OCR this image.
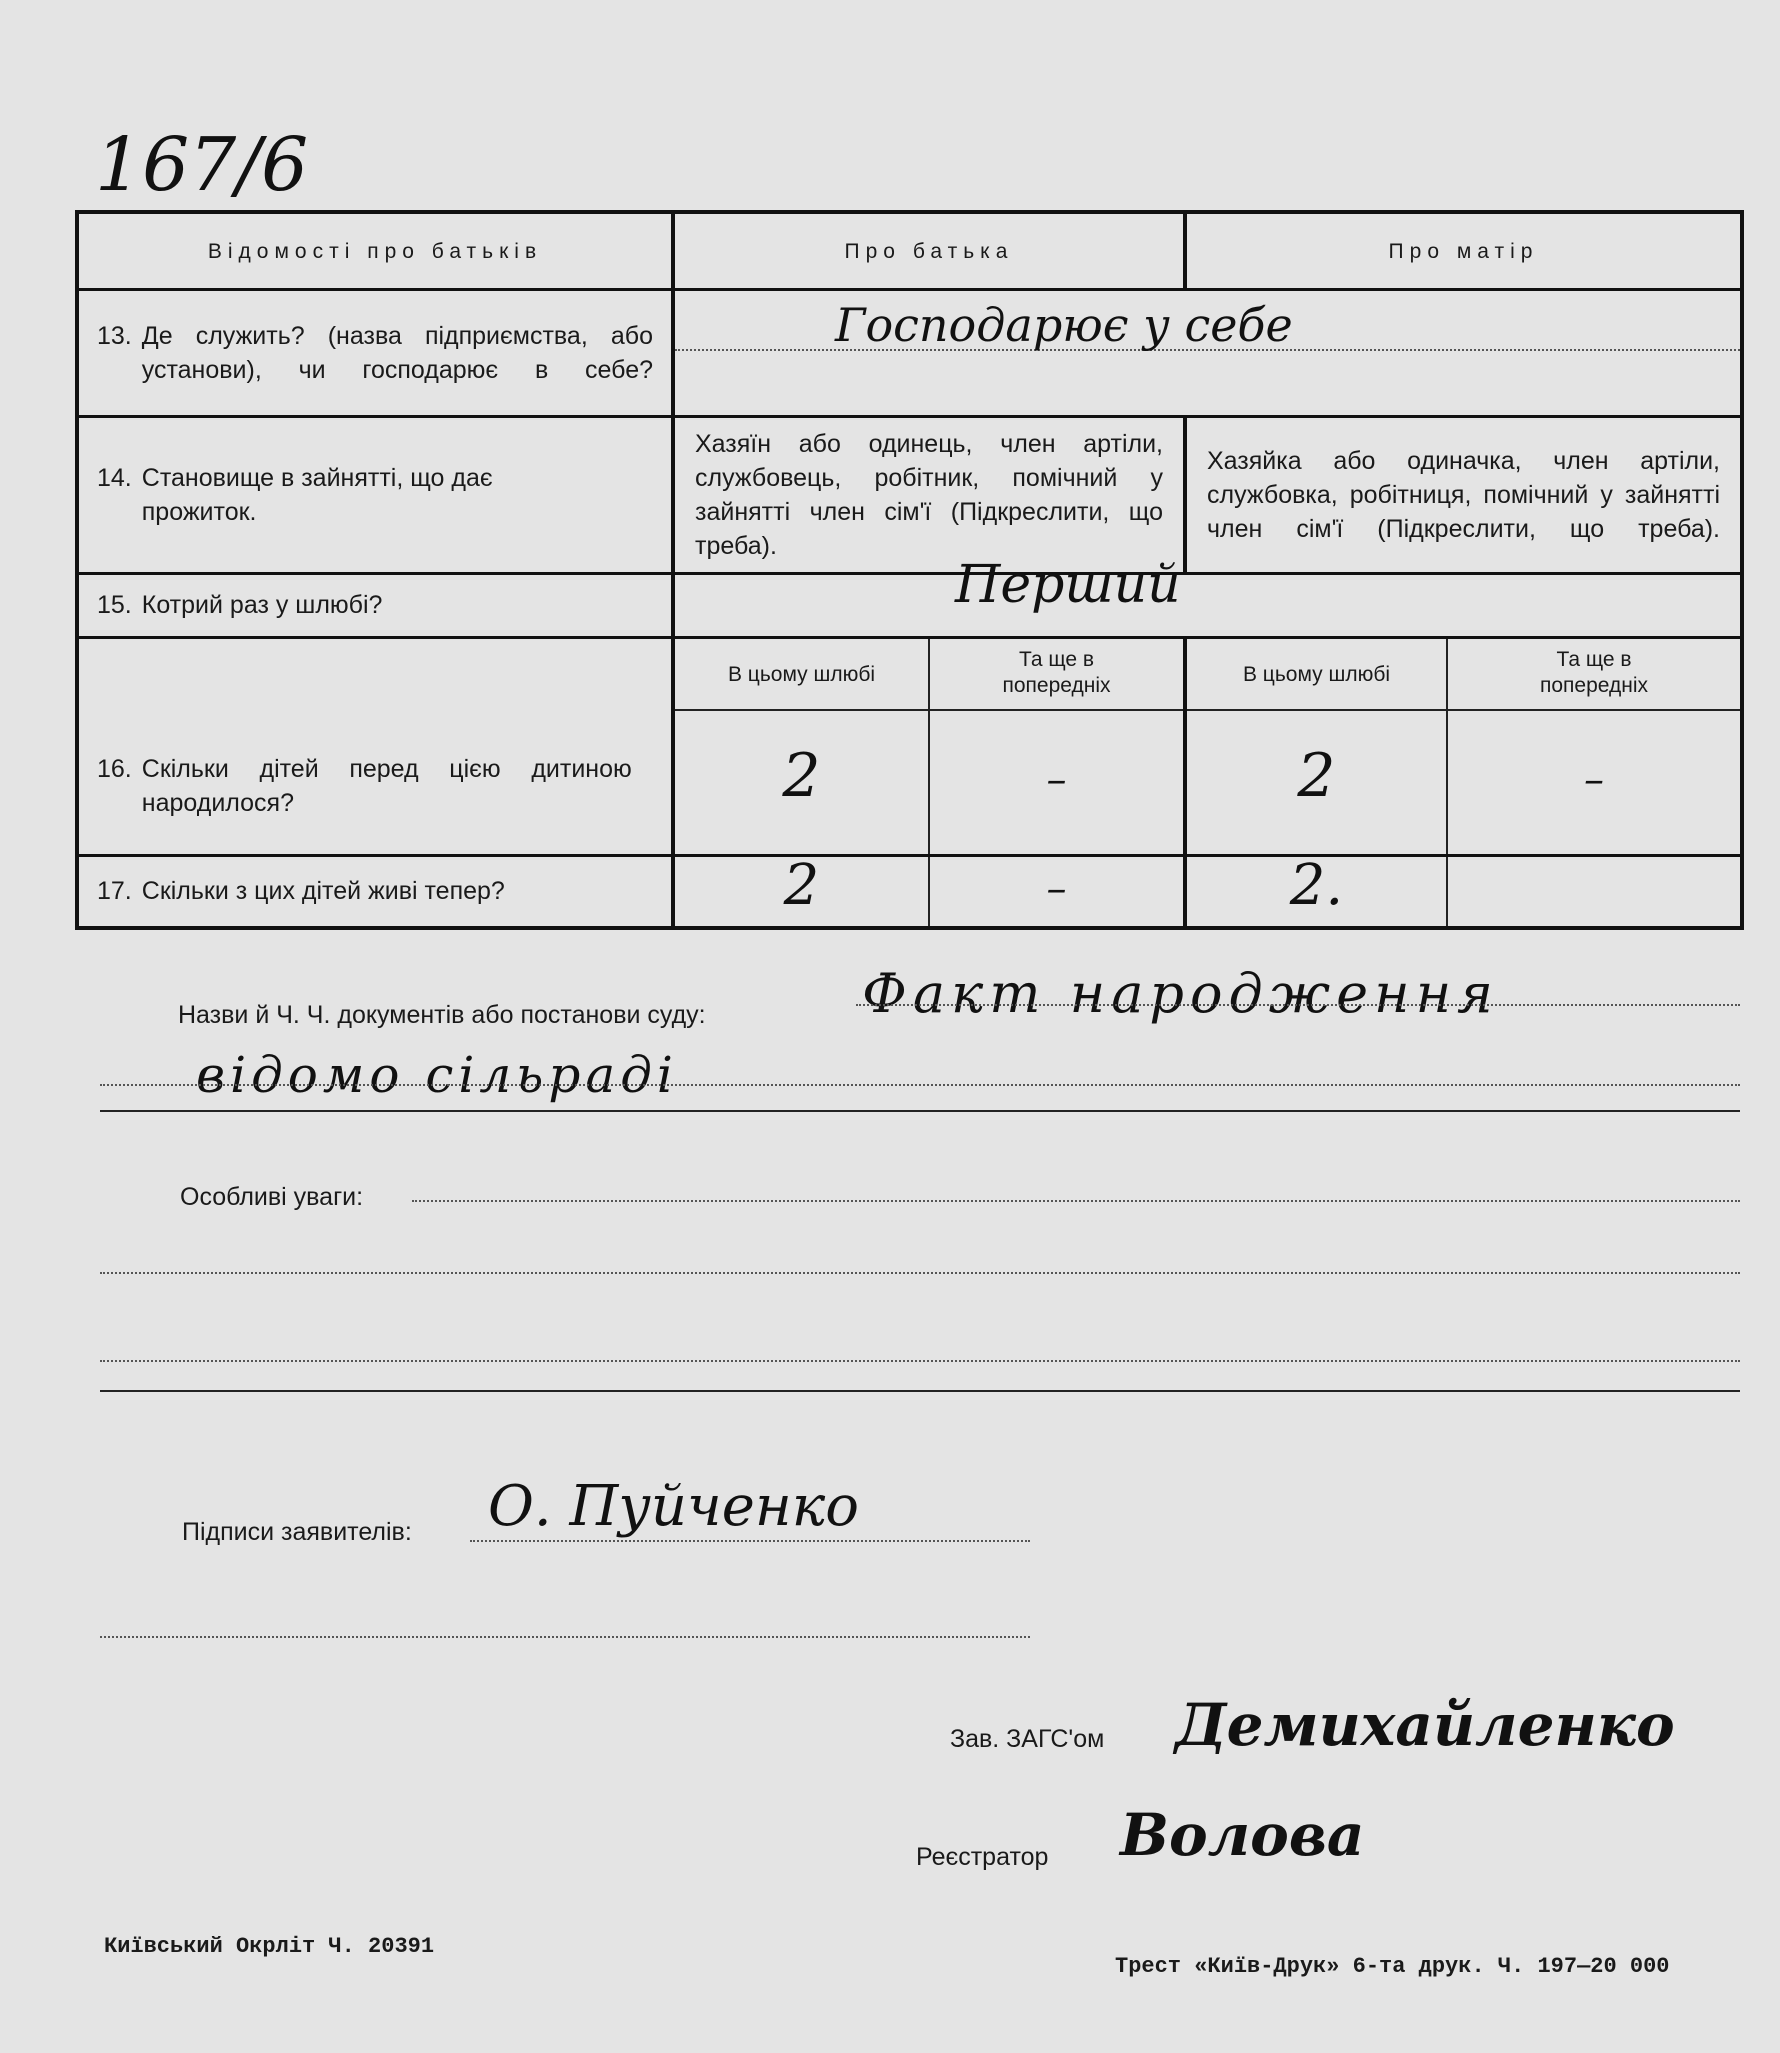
167/6
Відомості про батьків	Про батька		Про матір	

13. Де служить? (назва підприємства, або установи), чи господарює в себе?	Господарює у себе			

14. Становище в зайнятті, що дає прожиток.	Хазяїн або одинець, член артіли, службовець, робітник, помічний у зайнятті член сім'ї (Підкреслити, що треба).		Хазяйка або одиначка, член артіли, службовка, робітниця, помічний у зайнятті член сім'ї (Підкреслити, що треба).	

15. Котрий раз у шлюбі?	Перший			

16. Скільки дітей перед цією дитиною народилося?	В цьому шлюбі	Та ще в попередніх	В цьому шлюбі	Та ще в попередніх
	2	–	2	–

17. Скільки з цих дітей живі тепер?	2	–	2.	
Назви й Ч. Ч. документів або постанови суду:	Факт народження
відомо сільраді
Особливі уваги:
Підписи заявителів: О. Пуйченко
Зав. ЗАГС'ом Демихайленко
Реєстратор Волова
Київський Окрліт Ч. 20391
Трест «Київ-Друк» 6-та друк. Ч. 197—20 000
